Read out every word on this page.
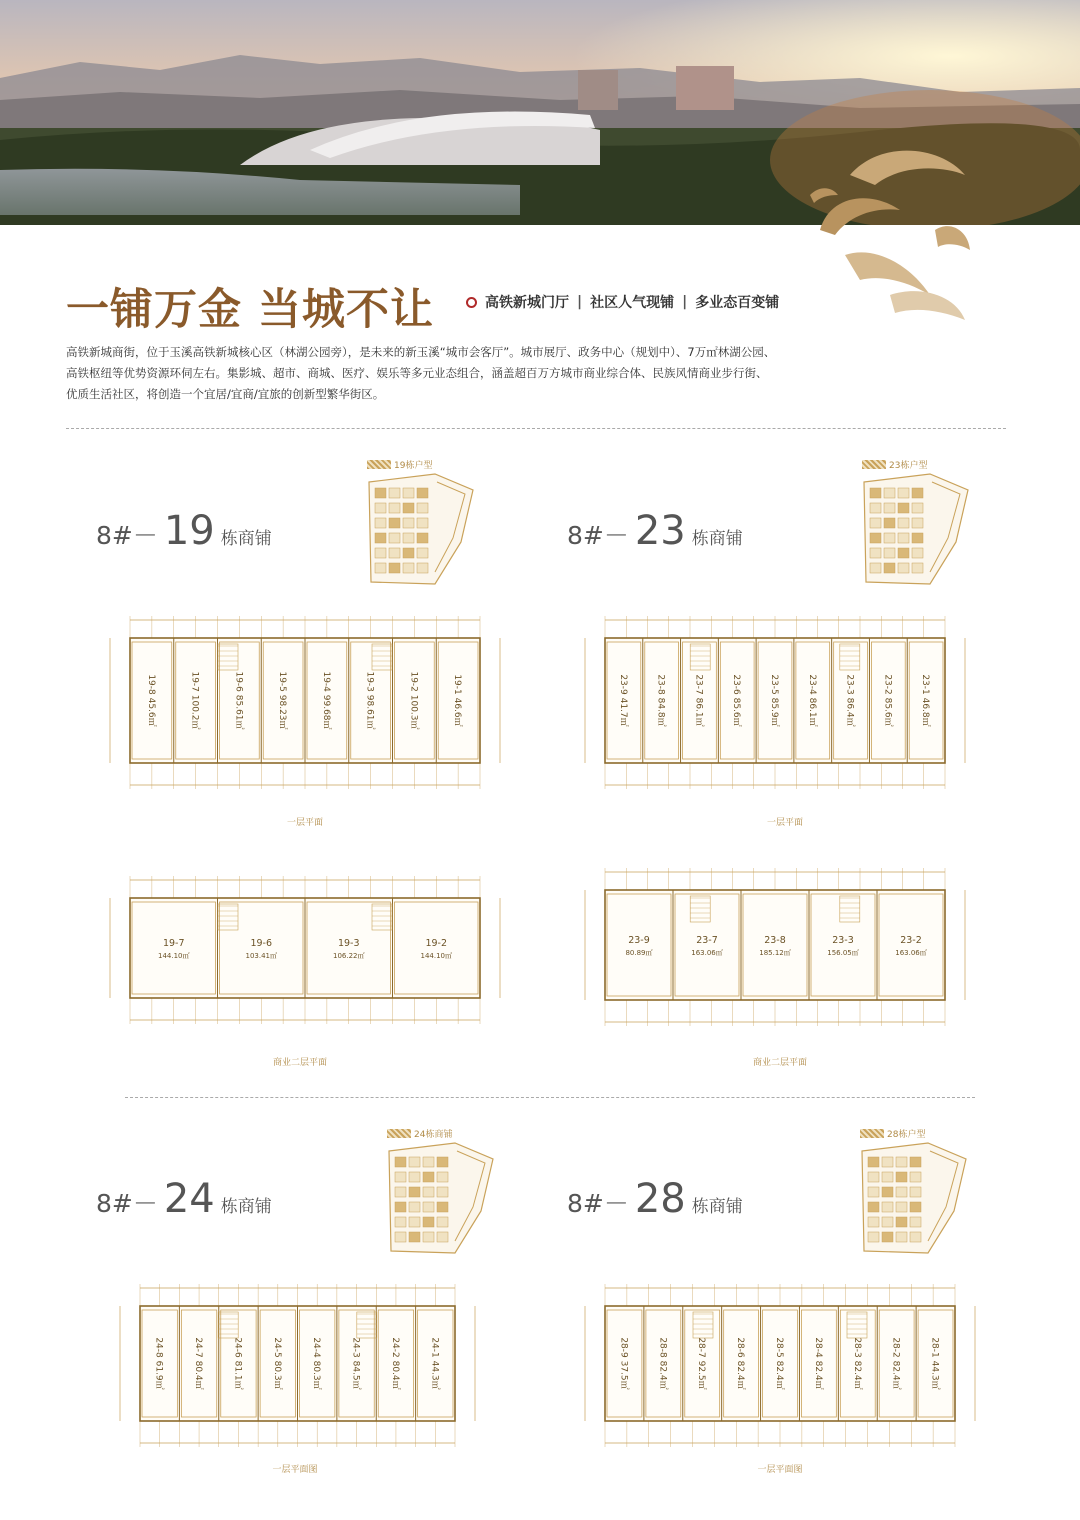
一铺万金 当城不让	高铁新城门厅 | 社区人气现铺 | 多业态百变铺

高铁新城商街，位于玉溪高铁新城核心区（林湖公园旁），是未来的新玉溪“城市会客厅”。城市展厅、政务中心（规划中）、7万㎡林湖公园、高铁枢纽等优势资源环伺左右。集影城、超市、商城、医疗、娱乐等多元业态组合，涵盖超百万方城市商业综合体、民族风情商业步行街、优质生活社区，将创造一个宜居/宜商/宜旅的创新型繁华街区。

8#－ 19 栋商铺	8#－ 23 栋商铺
8#－ 24 栋商铺	8#－ 28 栋商铺
19栋户型	23栋户型
24栋商铺	28栋户型
19-8 45.6㎡	19-7 100.2㎡	19-6 85.61㎡	19-5 98.23㎡	19-4 99.68㎡	19-3 98.61㎡	19-2 100.3㎡	19-1 46.6㎡
一层平面
23-9 41.7㎡	23-8 84.8㎡	23-7 86.1㎡	23-6 85.6㎡	23-5 85.9㎡	23-4 86.1㎡	23-3 86.4㎡	23-2 85.6㎡	23-1 46.8㎡
一层平面
19-7
144.10㎡
19-6
103.41㎡
19-3
106.22㎡
19-2
144.10㎡
商业二层平面
23-9
80.89㎡
23-7
163.06㎡
23-8
185.12㎡
23-3
156.05㎡
23-2
163.06㎡
商业二层平面
24-8 61.9㎡	24-7 80.4㎡	24-6 81.1㎡	24-5 80.3㎡	24-4 80.3㎡	24-3 84.5㎡	24-2 80.4㎡	24-1 44.3㎡
一层平面图
28-9 37.5㎡	28-8 82.4㎡	28-7 92.5㎡	28-6 82.4㎡	28-5 82.4㎡	28-4 82.4㎡	28-3 82.4㎡	28-2 82.4㎡	28-1 44.3㎡
一层平面图
